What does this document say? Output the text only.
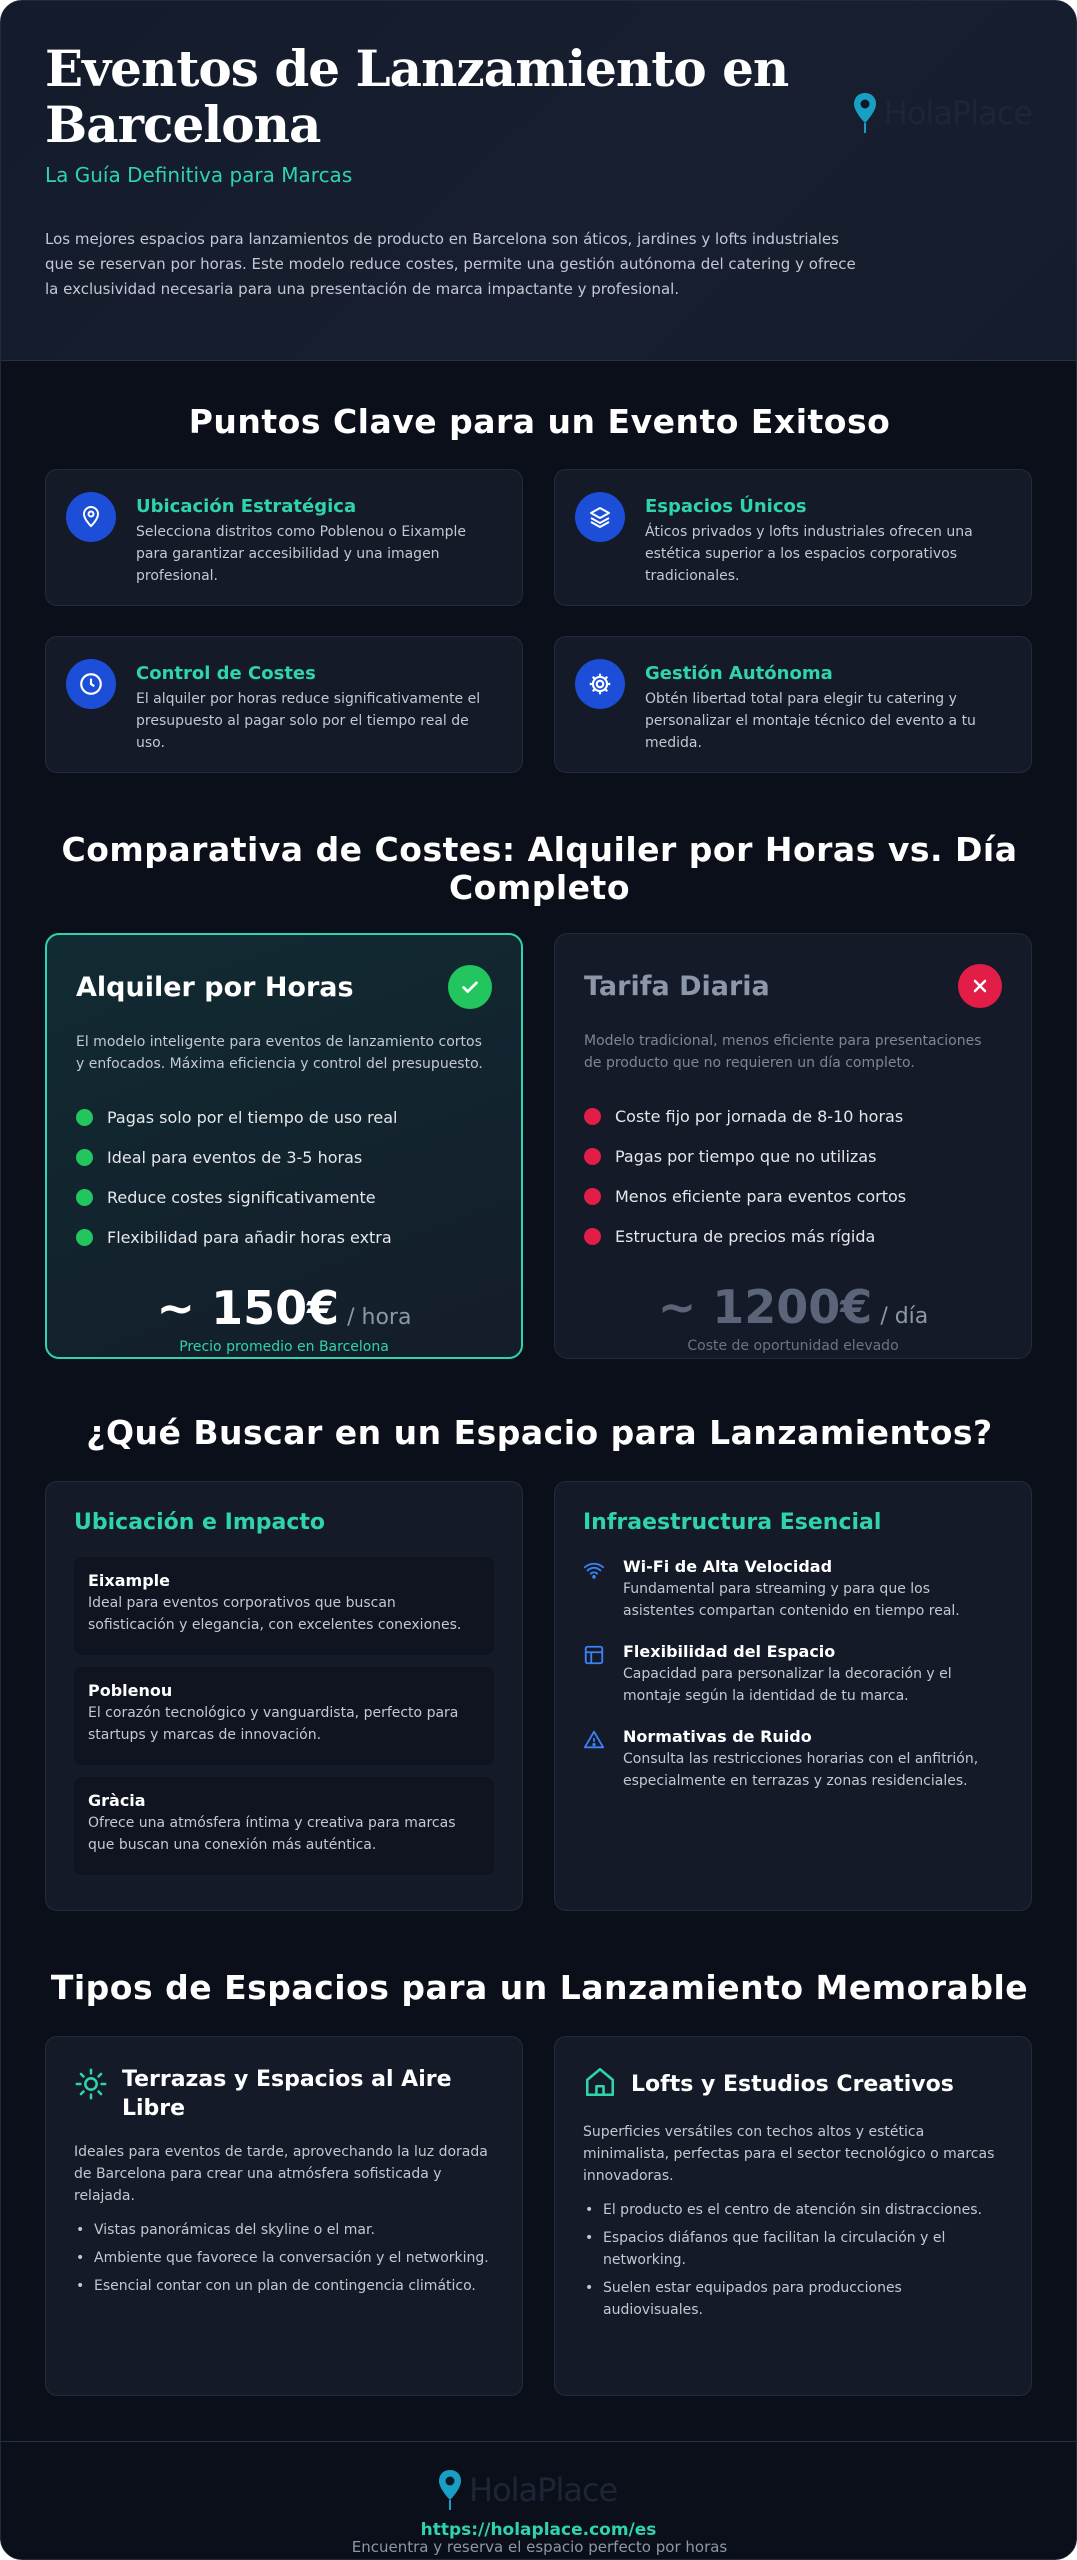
Eventos de Lanzamiento en Barcelona
La Guía Definitiva para Marcas

Los mejores espacios para lanzamientos de producto en Barcelona son áticos, jardines y lofts industriales que se reservan por horas. Este modelo reduce costes, permite una gestión autónoma del catering y ofrece la exclusividad necesaria para una presentación de marca impactante y profesional.

HolaPlace
Puntos Clave para un Evento Exitoso
Ubicación Estratégica
Selecciona distritos como Poblenou o Eixample para garantizar accesibilidad y una imagen profesional.
Espacios Únicos
Áticos privados y lofts industriales ofrecen una estética superior a los espacios corporativos tradicionales.
Control de Costes
El alquiler por horas reduce significativamente el presupuesto al pagar solo por el tiempo real de uso.
Gestión Autónoma
Obtén libertad total para elegir tu catering y personalizar el montaje técnico del evento a tu medida.
Comparativa de Costes: Alquiler por Horas vs. Día Completo
Alquiler por Horas
El modelo inteligente para eventos de lanzamiento cortos y enfocados. Máxima eficiencia y control del presupuesto.
Pagas solo por el tiempo de uso real
Ideal para eventos de 3-5 horas
Reduce costes significativamente
Flexibilidad para añadir horas extra
~ 150€ / hora
Precio promedio en Barcelona
Tarifa Diaria
Modelo tradicional, menos eficiente para presentaciones de producto que no requieren un día completo.
Coste fijo por jornada de 8-10 horas
Pagas por tiempo que no utilizas
Menos eficiente para eventos cortos
Estructura de precios más rígida
~ 1200€ / día
Coste de oportunidad elevado
¿Qué Buscar en un Espacio para Lanzamientos?
Ubicación e Impacto
Eixample
Ideal para eventos corporativos que buscan sofisticación y elegancia, con excelentes conexiones.
Poblenou
El corazón tecnológico y vanguardista, perfecto para startups y marcas de innovación.
Gràcia
Ofrece una atmósfera íntima y creativa para marcas que buscan una conexión más auténtica.
Infraestructura Esencial
Wi-Fi de Alta Velocidad
Fundamental para streaming y para que los asistentes compartan contenido en tiempo real.
Flexibilidad del Espacio
Capacidad para personalizar la decoración y el montaje según la identidad de tu marca.
Normativas de Ruido
Consulta las restricciones horarias con el anfitrión, especialmente en terrazas y zonas residenciales.
Tipos de Espacios para un Lanzamiento Memorable
Terrazas y Espacios al Aire Libre
Ideales para eventos de tarde, aprovechando la luz dorada de Barcelona para crear una atmósfera sofisticada y relajada.
• Vistas panorámicas del skyline o el mar.
• Ambiente que favorece la conversación y el networking.
• Esencial contar con un plan de contingencia climático.
Lofts y Estudios Creativos
Superficies versátiles con techos altos y estética minimalista, perfectas para el sector tecnológico o marcas innovadoras.
• El producto es el centro de atención sin distracciones.
• Espacios diáfanos que facilitan la circulación y el networking.
• Suelen estar equipados para producciones audiovisuales.
HolaPlace
Encuentra y reserva el espacio perfecto por horas
https://holaplace.com/es
